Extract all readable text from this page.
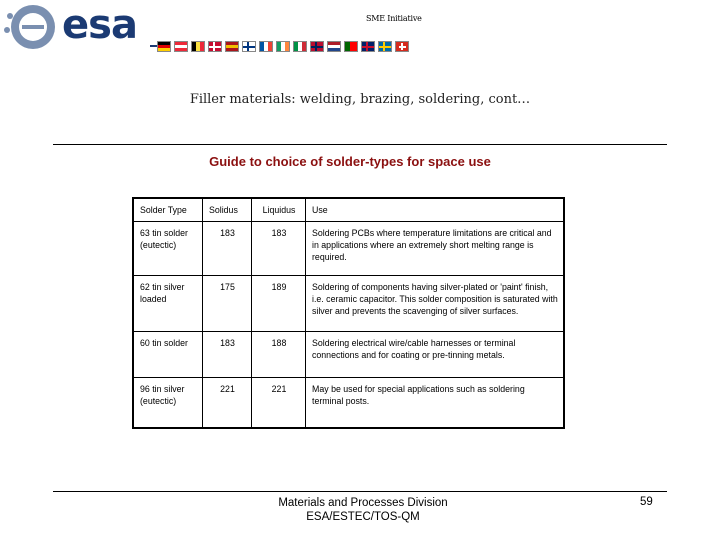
esa	SME Initiative
Filler materials: welding, brazing, soldering, cont…
Guide to choice of solder-types for space use
Solder Type	Solidus	Liquidus	Use
63 tin solder (eutectic)	183	183	Soldering PCBs where temperature limitations are critical and in applications where an extremely short melting range is required.
62 tin silver loaded	175	189	Soldering of components having silver-plated or 'paint' finish, i.e. ceramic capacitor. This solder composition is saturated with silver and prevents the scavenging of silver surfaces.
60 tin solder	183	188	Soldering electrical wire/cable harnesses or terminal connections and for coating or pre-tinning metals.
96 tin silver (eutectic)	221	221	May be used for special applications such as soldering terminal posts.
Materials and Processes Division
ESA/ESTEC/TOS-QM
59
